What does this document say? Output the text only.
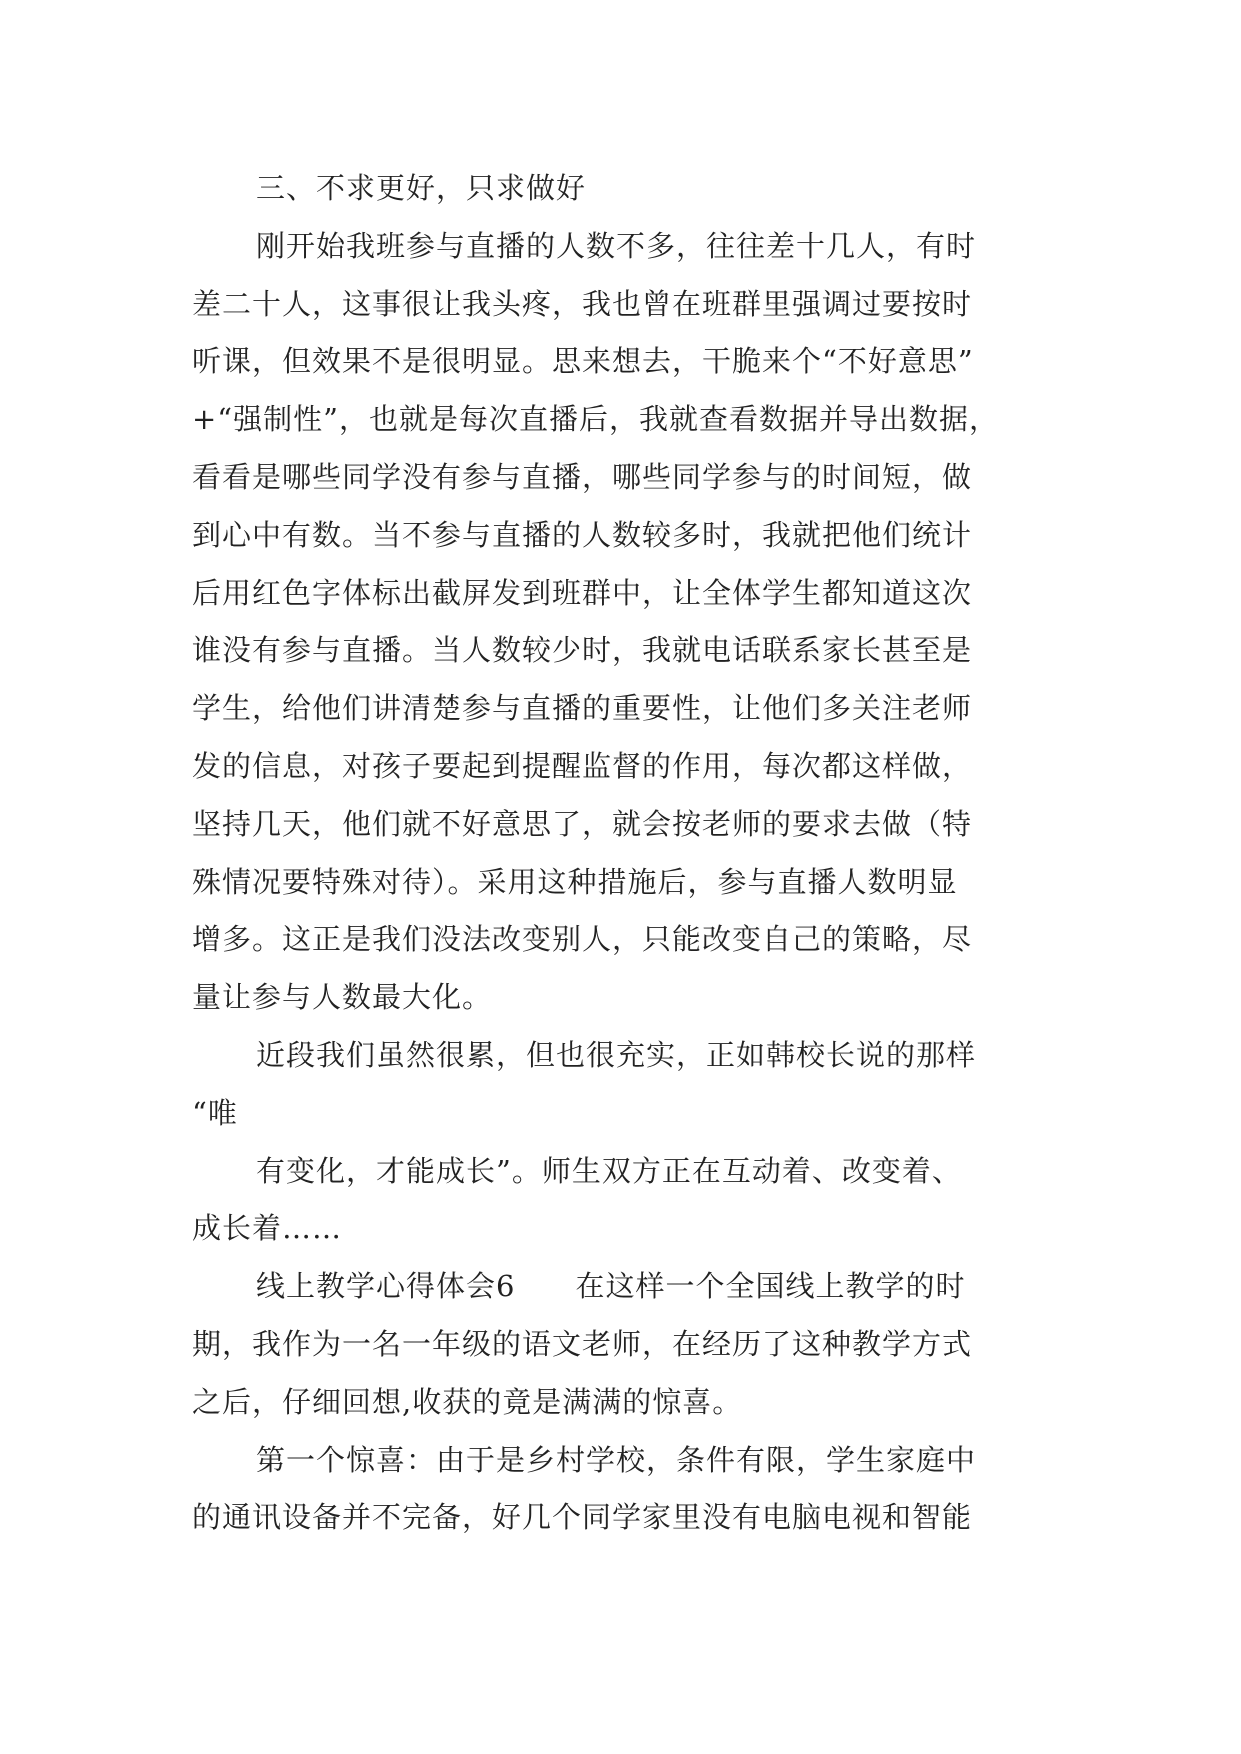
三、不求更好，只求做好
刚开始我班参与直播的人数不多，往往差十几人，有时
差二十人，这事很让我头疼，我也曾在班群里强调过要按时
听课，但效果不是很明显。思来想去，干脆来个“不好意思”
+“强制性”，也就是每次直播后，我就查看数据并导出数据，
看看是哪些同学没有参与直播，哪些同学参与的时间短，做
到心中有数。当不参与直播的人数较多时，我就把他们统计
后用红色字体标出截屏发到班群中，让全体学生都知道这次
谁没有参与直播。当人数较少时，我就电话联系家长甚至是
学生，给他们讲清楚参与直播的重要性，让他们多关注老师
发的信息，对孩子要起到提醒监督的作用，每次都这样做，
坚持几天，他们就不好意思了，就会按老师的要求去做（特
殊情况要特殊对待）。采用这种措施后，参与直播人数明显
增多。这正是我们没法改变别人，只能改变自己的策略，尽
量让参与人数最大化。
近段我们虽然很累，但也很充实，正如韩校长说的那样
“唯
有变化，才能成长”。师生双方正在互动着、改变着、
成长着……
线上教学心得体会6　　在这样一个全国线上教学的时
期，我作为一名一年级的语文老师，在经历了这种教学方式
之后，仔细回想,收获的竟是满满的惊喜。
第一个惊喜：由于是乡村学校，条件有限，学生家庭中
的通讯设备并不完备，好几个同学家里没有电脑电视和智能
